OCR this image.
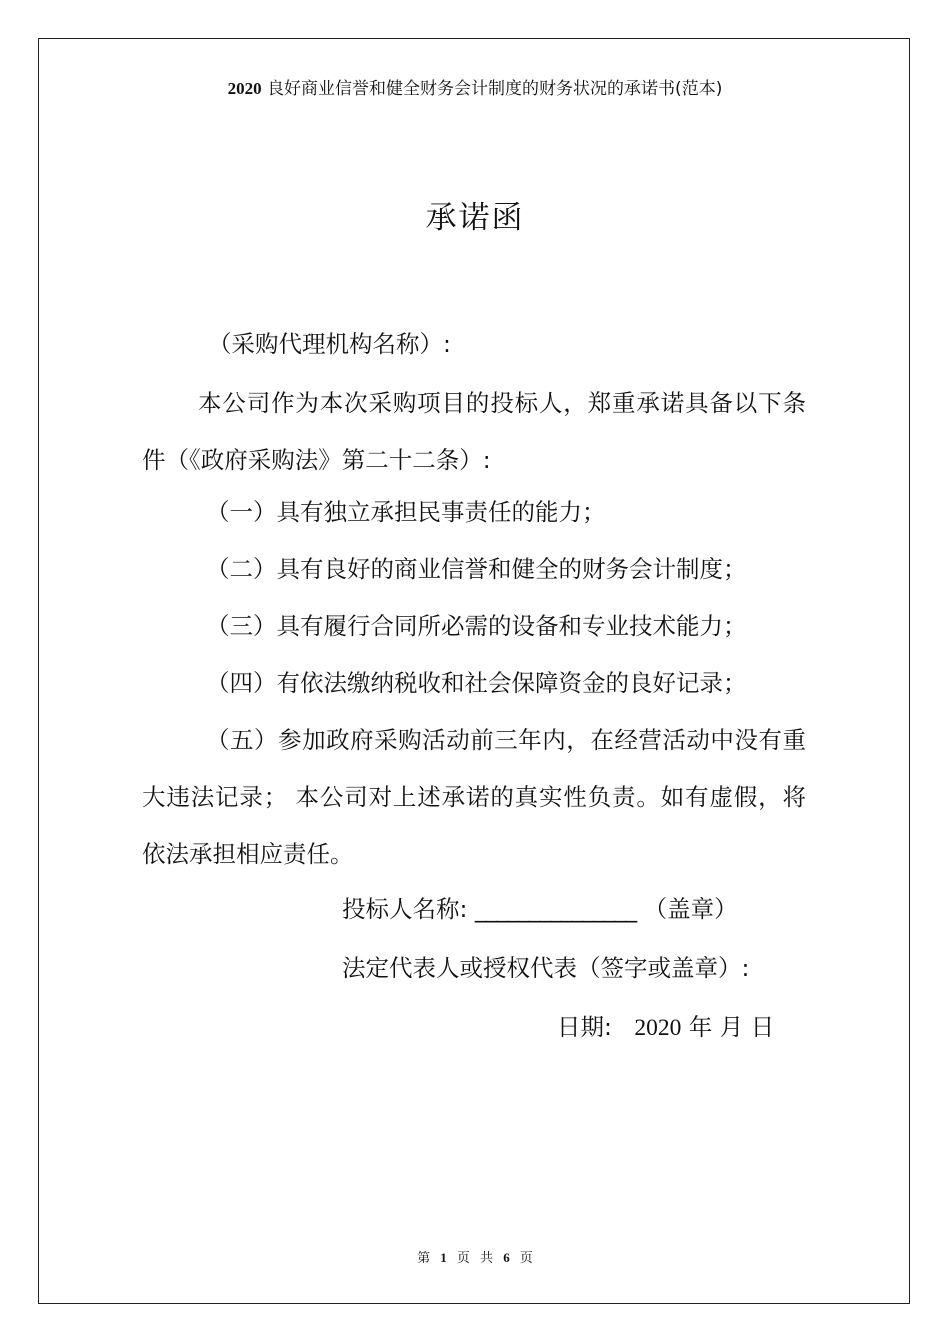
2020 良好商业信誉和健全财务会计制度的财务状况的承诺书(范本)
承诺函

（采购代理机构名称）:

本公司作为本次采购项目的投标人，郑重承诺具备以下条件（《政府采购法》第二十二条）:

（一）具有独立承担民事责任的能力；

（二）具有良好的商业信誉和健全的财务会计制度；

（三）具有履行合同所必需的设备和专业技术能力；

（四）有依法缴纳税收和社会保障资金的良好记录；

（五）参加政府采购活动前三年内，在经营活动中没有重大违法记录； 本公司对上述承诺的真实性负责。如有虚假，将依法承担相应责任。

投标人名称: _______________ （盖章）

法定代表人或授权代表（签字或盖章）:

日期: 2020 年 月 日

第 1 页 共 6 页
